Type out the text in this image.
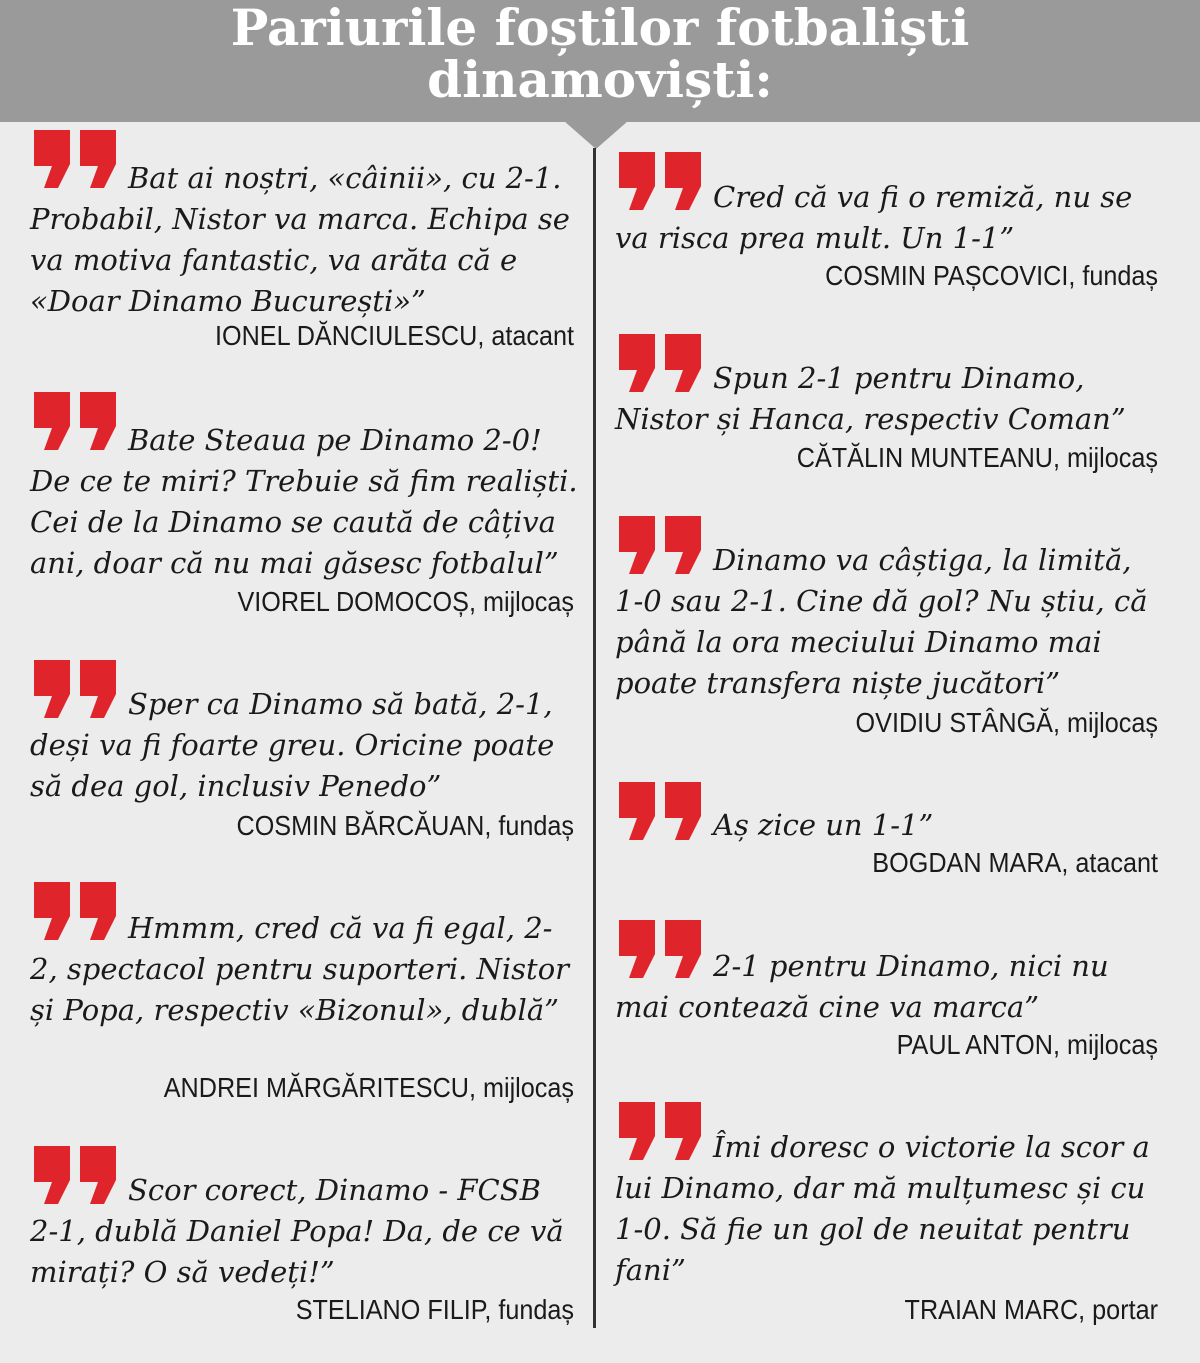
Pariurile foștilor fotbaliști
dinamoviști:
Bat ai noștri, «câinii», cu 2-1. Probabil, Nistor va marca. Echipa se va motiva fantastic, va arăta că e «Doar Dinamo București»”
IONEL DĂNCIULESCU, atacant
Bate Steaua pe Dinamo 2-0! De ce te miri? Trebuie să fim realiști. Cei de la Dinamo se caută de câțiva ani, doar că nu mai găsesc fotbalul”
VIOREL DOMOCOȘ, mijlocaș
Sper ca Dinamo să bată, 2-1, deși va fi foarte greu. Oricine poate să dea gol, inclusiv Penedo”
COSMIN BĂRCĂUAN, fundaș
Hmmm, cred că va fi egal, 2-2, spectacol pentru suporteri. Nistor și Popa, respectiv «Bizonul», dublă”
ANDREI MĂRGĂRITESCU, mijlocaș
Scor corect, Dinamo - FCSB 2-1, dublă Daniel Popa! Da, de ce vă mirați? O să vedeți!”
STELIANO FILIP, fundaș
Cred că va fi o remiză, nu se va risca prea mult. Un 1-1”
COSMIN PAȘCOVICI, fundaș
Spun 2-1 pentru Dinamo, Nistor și Hanca, respectiv Coman”
CĂTĂLIN MUNTEANU, mijlocaș
Dinamo va câștiga, la limită, 1-0 sau 2-1. Cine dă gol? Nu știu, că până la ora meciului Dinamo mai poate transfera niște jucători”
OVIDIU STÂNGĂ, mijlocaș
Aș zice un 1-1”
BOGDAN MARA, atacant
2-1 pentru Dinamo, nici nu mai contează cine va marca”
PAUL ANTON, mijlocaș
Îmi doresc o victorie la scor a lui Dinamo, dar mă mulțumesc și cu 1-0. Să fie un gol de neuitat pentru fani”
TRAIAN MARC, portar
